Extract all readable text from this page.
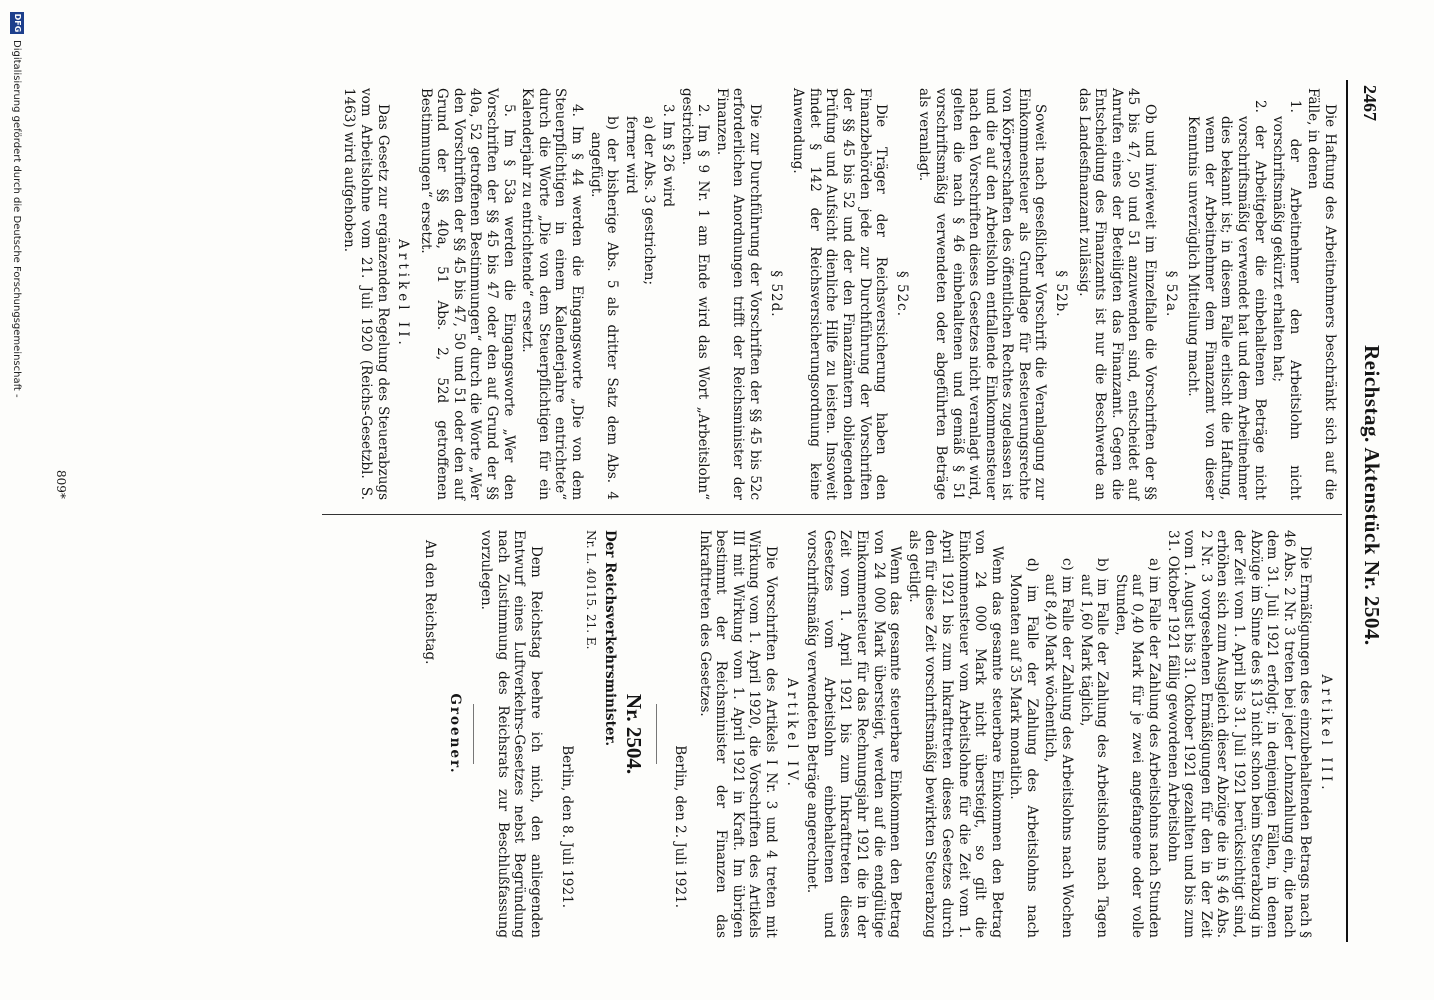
2467
Reichstag. Aktenstück Nr. 2504.

Die Haftung des Arbeitnehmers beschränkt sich auf die Fälle, in denen

1. der Arbeitnehmer den Arbeitslohn nicht vorschriftsmäßig gekürzt erhalten hat;

2. der Arbeitgeber die einbehaltenen Beträge nicht vorschriftsmäßig verwendet hat und dem Arbeitnehmer dies bekannt ist; in diesem Falle erlischt die Haftung, wenn der Arbeitnehmer dem Finanzamt von dieser Kenntnis unverzüglich Mitteilung macht.

§ 52a.

Ob und inwieweit im Einzelfalle die Vorschriften der §§ 45 bis 47, 50 und 51 anzuwenden sind, entscheidet auf Anrufen eines der Beteiligten das Finanzamt. Gegen die Entscheidung des Finanzamts ist nur die Beschwerde an das Landesfinanzamt zulässig.

§ 52b.

Soweit nach geseßlicher Vorschrift die Veranlagung zur Einkommensteuer als Grundlage für Besteuerungsrechte von Körperschaften des öffentlichen Rechtes zugelassen ist und die auf den Arbeitslohn entfallende Einkommensteuer nach den Vorschriften dieses Gesetzes nicht veranlagt wird, gelten die nach § 46 einbehaltenen und gemäß § 51 vorschriftsmäßig verwendeten oder abgeführten Beträge als veranlagt.

§ 52c.

Die Träger der Reichsversicherung haben den Finanzbehörden jede zur Durchführung der Vorschriften der §§ 45 bis 52 und der den Finanzämtern obliegenden Prüfung und Aufsicht dienliche Hilfe zu leisten. Insoweit findet § 142 der Reichsversicherungsordnung keine Anwendung.

§ 52d.

Die zur Durchführung der Vorschriften der §§ 45 bis 52c erforderlichen Anordnungen trifft der Reichsminister der Finanzen.

2. Im § 9 Nr. 1 am Ende wird das Wort „Arbeitslohn“ gestrichen.

3. Im § 26 wird

a) der Abs. 3 gestrichen;

ferner wird

b) der bisherige Abs. 5 als dritter Satz dem Abs. 4 angefügt.

4. Im § 44 werden die Eingangsworte „Die von dem Steuerpflichtigen in einem Kalenderjahre entrichtete“ durch die Worte „Die von dem Steuerpflichtigen für ein Kalenderjahr zu entrichtende“ ersetzt.

5. Im § 53a werden die Eingangsworte „Wer den Vorschriften der §§ 45 bis 47 oder den auf Grund der §§ 40a, 52 getroffenen Bestimmungen“ durch die Worte „Wer den Vorschriften der §§ 45 bis 47, 50 und 51 oder den auf Grund der §§ 40a, 51 Abs. 2, 52d getroffenen Bestimmungen“ ersetzt.

Artikel II.

Das Gesetz zur ergänzenden Regelung des Steuerabzugs vom Arbeitslohne vom 21. Juli 1920 (Reichs-Gesetzbl. S. 1463) wird aufgehoben.

Artikel III.

Die Ermäßigungen des einzubehaltenden Betrags nach § 46 Abs. 2 Nr. 3 treten bei jeder Lohnzahlung ein, die nach dem 31. Juli 1921 erfolgt; in denjenigen Fällen, in denen Abzüge im Sinne des § 13 nicht schon beim Steuerabzug in der Zeit vom 1. April bis 31. Juli 1921 berücksichtigt sind, erhöhen sich zum Ausgleich dieser Abzüge die in § 46 Abs. 2 Nr. 3 vorgesehenen Ermäßigungen für den in der Zeit vom 1. August bis 31. Oktober 1921 gezahlten und bis zum 31. Oktober 1921 fällig gewordenen Arbeitslohn

a) im Falle der Zahlung des Arbeitslohns nach Stunden auf 0,40 Mark für je zwei angefangene oder volle Stunden,

b) im Falle der Zahlung des Arbeitslohns nach Tagen auf 1,60 Mark täglich,

c) im Falle der Zahlung des Arbeitslohns nach Wochen auf 8,40 Mark wöchentlich,

d) im Falle der Zahlung des Arbeitslohns nach Monaten auf 35 Mark monatlich.

Wenn das gesamte steuerbare Einkommen den Betrag von 24 000 Mark nicht übersteigt, so gilt die Einkommensteuer vom Arbeitslohne für die Zeit vom 1. April 1921 bis zum Inkrafttreten dieses Gesetzes durch den für diese Zeit vorschriftsmäßig bewirkten Steuerabzug als getilgt.

Wenn das gesamte steuerbare Einkommen den Betrag von 24 000 Mark übersteigt, werden auf die endgültige Einkommensteuer für das Rechnungsjahr 1921 die in der Zeit vom 1. April 1921 bis zum Inkrafttreten dieses Gesetzes vom Arbeitslohn einbehaltenen und vorschriftsmäßig verwendeten Beträge angerechnet.

Artikel IV.

Die Vorschriften des Artikels I Nr. 3 und 4 treten mit Wirkung vom 1. April 1920, die Vorschriften des Artikels III mit Wirkung vom 1. April 1921 in Kraft. Im übrigen bestimmt der Reichsminister der Finanzen das Inkrafttreten des Gesetzes.

Berlin, den 2. Juli 1921.
Nr. 2504.

Der Reichsverkehrsminister.

Nr. L. 40115. 21. E.

Berlin, den 8. Juli 1921.

Dem Reichstag beehre ich mich, den anliegenden Entwurf eines Luftverkehrs-Gesetzes nebst Begründung nach Zustimmung des Reichsrats zur Beschlußfassung vorzulegen.

Groener.

An den Reichstag.

809*
DFG
Digitalisierung gefördert durch die Deutsche Forschungsgemeinschaft -
